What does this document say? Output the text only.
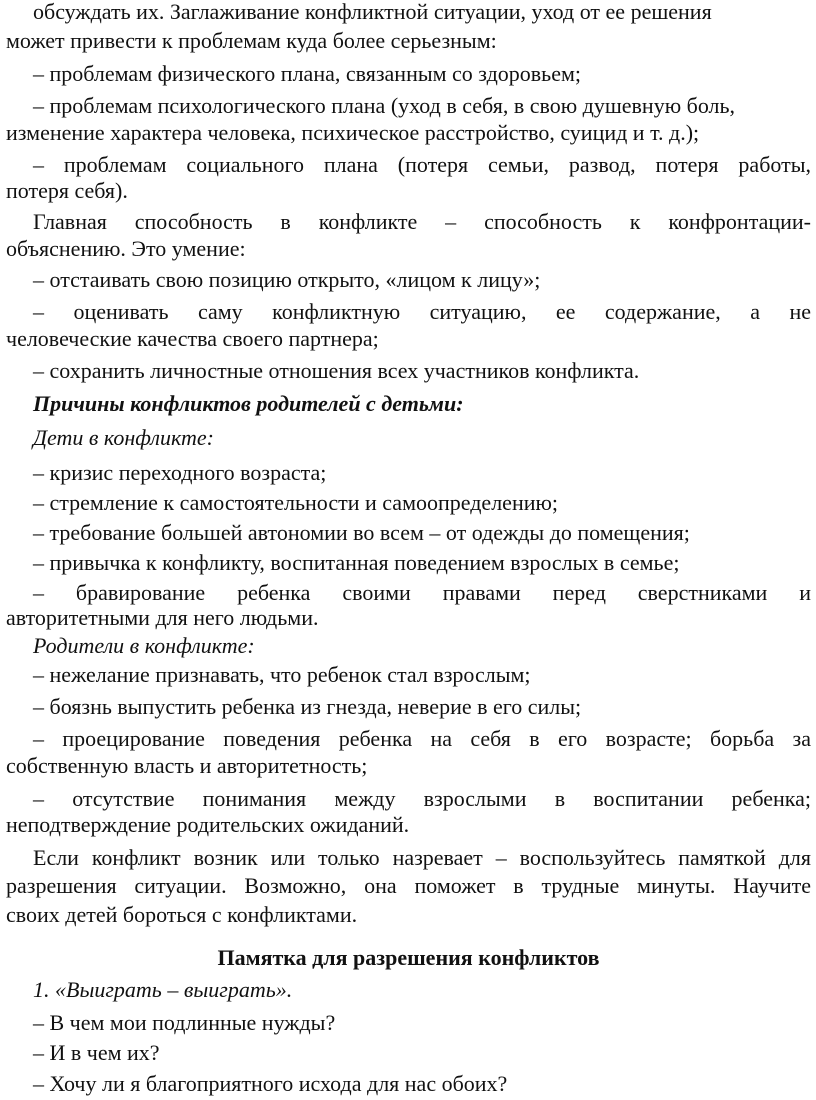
обсуждать их. Заглаживание конфликтной ситуации, уход от ее решения
может привести к проблемам куда более серьезным:
– проблемам физического плана, связанным со здоровьем;
– проблемам психологического плана (уход в себя, в свою душевную боль,
изменение характера человека, психическое расстройство, суицид и т. д.);
– проблемам социального плана (потеря семьи, развод, потеря работы,
потеря себя).
Главная способность в конфликте – способность к конфронтации-
объяснению. Это умение:
– отстаивать свою позицию открыто, «лицом к лицу»;
– оценивать саму конфликтную ситуацию, ее содержание, а не
человеческие качества своего партнера;
– сохранить личностные отношения всех участников конфликта.
Причины конфликтов родителей с детьми:
Дети в конфликте:
– кризис переходного возраста;
– стремление к самостоятельности и самоопределению;
– требование большей автономии во всем – от одежды до помещения;
– привычка к конфликту, воспитанная поведением взрослых в семье;
– бравирование ребенка своими правами перед сверстниками и
авторитетными для него людьми.
Родители в конфликте:
– нежелание признавать, что ребенок стал взрослым;
– боязнь выпустить ребенка из гнезда, неверие в его силы;
– проецирование поведения ребенка на себя в его возрасте; борьба за
собственную власть и авторитетность;
– отсутствие понимания между взрослыми в воспитании ребенка;
неподтверждение родительских ожиданий.
Если конфликт возник или только назревает – воспользуйтесь памяткой для
разрешения ситуации. Возможно, она поможет в трудные минуты. Научите
своих детей бороться с конфликтами.
Памятка для разрешения конфликтов
1. «Выиграть – выиграть».
– В чем мои подлинные нужды?
– И в чем их?
– Хочу ли я благоприятного исхода для нас обоих?
